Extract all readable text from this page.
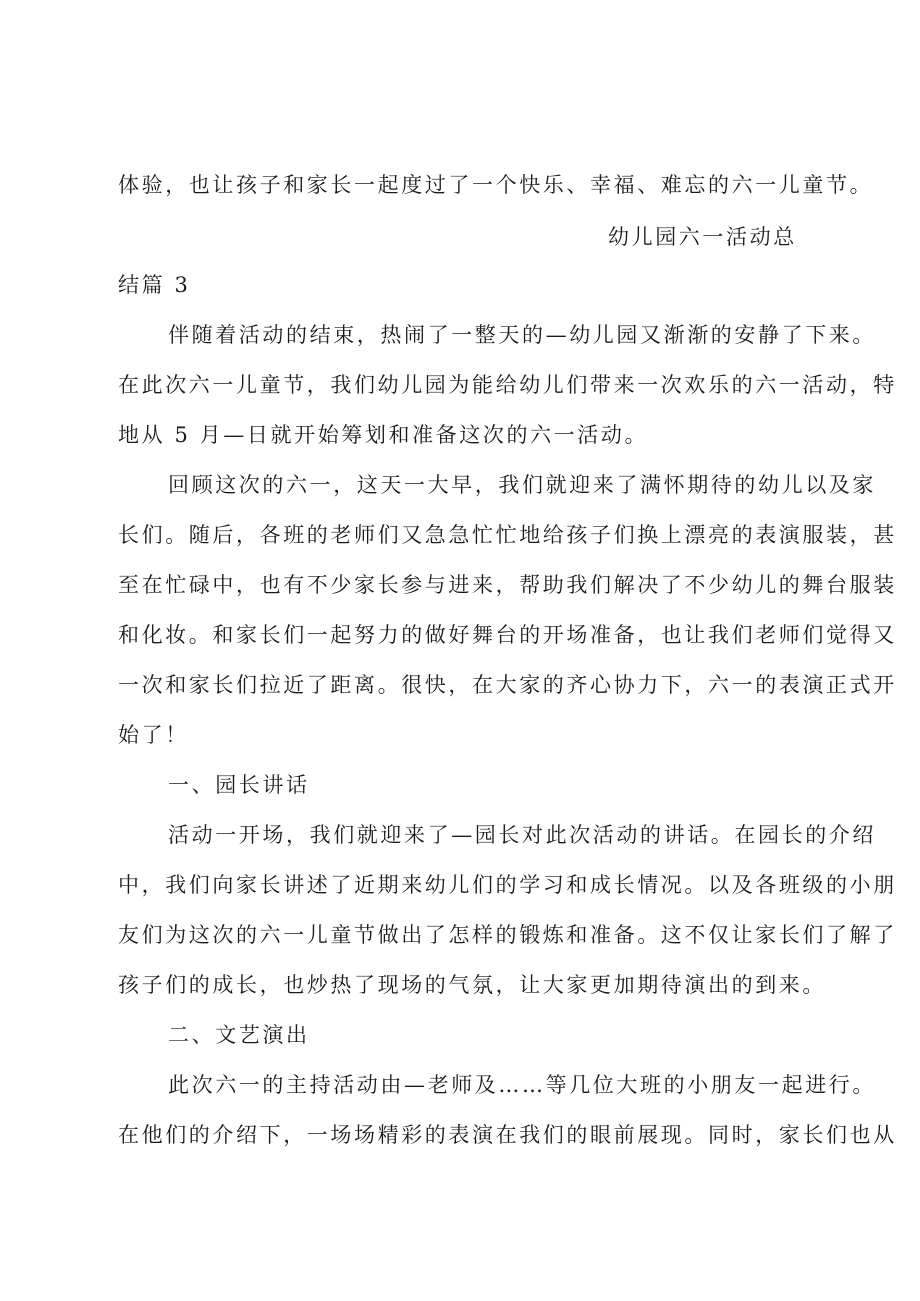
体验，也让孩子和家长一起度过了一个快乐、幸福、难忘的六一儿童节。
幼儿园六一活动总
结篇 3
伴随着活动的结束，热闹了一整天的—幼儿园又渐渐的安静了下来。
在此次六一儿童节，我们幼儿园为能给幼儿们带来一次欢乐的六一活动，特
地从 5 月—日就开始筹划和准备这次的六一活动。
回顾这次的六一，这天一大早，我们就迎来了满怀期待的幼儿以及家
长们。随后，各班的老师们又急急忙忙地给孩子们换上漂亮的表演服装，甚
至在忙碌中，也有不少家长参与进来，帮助我们解决了不少幼儿的舞台服装
和化妆。和家长们一起努力的做好舞台的开场准备，也让我们老师们觉得又
一次和家长们拉近了距离。很快，在大家的齐心协力下，六一的表演正式开
始了！
一、园长讲话
活动一开场，我们就迎来了—园长对此次活动的讲话。在园长的介绍
中，我们向家长讲述了近期来幼儿们的学习和成长情况。以及各班级的小朋
友们为这次的六一儿童节做出了怎样的锻炼和准备。这不仅让家长们了解了
孩子们的成长，也炒热了现场的气氛，让大家更加期待演出的到来。
二、文艺演出
此次六一的主持活动由—老师及……等几位大班的小朋友一起进行。
在他们的介绍下，一场场精彩的表演在我们的眼前展现。同时，家长们也从
